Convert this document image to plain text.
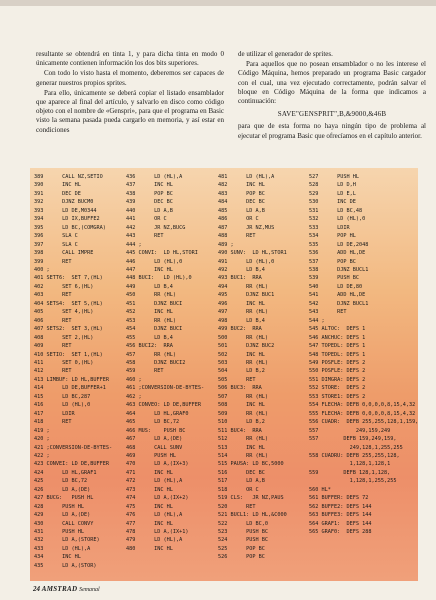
resultante se obtendrá en tinta 1, y para dicha tinta en modo 0 únicamente contienen información los dos bits superiores.

Con todo lo visto hasta el momento, deberemos ser capaces de generar nuestros propios sprites.

Para ello, únicamente se deberá copiar el listado ensamblador que aparece al final del artículo, y salvarlo en disco como código objeto con el nombre de «Genspri», para que el programa en Basic visto la semana pasada pueda cargarlo en memoria, y así estar en condiciones

de utilizar el generador de sprites.

Para aquellos que no posean ensamblador o no les interese el Código Máquina, hemos preparado un programa Basic cargador con el cual, una vez ejecutado correctamente, podrán salvar el bloque en Código Máquina de la forma que indicamos a continuación:

SAVE"GENSPRIT",B,&9000,&46B

para que de esta forma no haya ningún tipo de problema al ejecutar el programa Basic que ofrecíamos en el capítulo anterior.

389      CALL NZ,SETIO
390      INC HL
391      DEC DE
392      DJNZ BUCM0
393      LD DE,M0344
394      LD IX,BUFFE2
395      LD BC,(COMGRA)
396      SLA C
397      SLA C
398      CALL IMPRE
399      RET
400 ;
401 SETT6:  SET 7,(HL)
402      SET 6,(HL)
403      RET
404 SETS4:  SET 5,(HL)
405      SET 4,(HL)
406      RET
407 SETS2:  SET 3,(HL)
408      SET 2,(HL)
409      RET
410 SETIO:  SET 1,(HL)
411      SET 0,(HL)
412      RET
413 LIMBUF: LD HL,BUFFER
414      LD DE,BUFFER+1
415      LD BC,287
416      LD (HL),0
417      LDIR
418      RET
419 ;
420 ;
421 ;CONVERSION-DE-BYTES-
422 ;
423 CONVEI: LD DE,BUFFER
424      LD HL,GRAF1
425      LD BC,72
426      LD A,(DE)
427 BUCG:   PUSH HL
428      PUSH HL
429      LD A,(DE)
430      CALL CONVY
431      PUSH HL
432      LD A,(STORE)
433      LD (HL),A
434      INC HL
435      LD A,(STOR)
436      LD (HL),A
437      INC HL
438      POP BC
439      DEC BC
440      LD A,B
441      OR C
442      JR NZ,BUCG
443      RET
444 ;
445 CONVI:  LD HL,STORI
446      LD (HL),0
447      INC HL
448 BUCI:   LD (HL),0
449      LD B,4
450      RR (HL)
451      DJNZ BUCI
452      INC HL
453      RR (HL)
454      DJNZ BUCI
455      LD B,4
456 BUCI2:  RRA
457      RR (HL)
458      DJNZ BUCI2
459      RET
460 ;
461 ;CONVERSION-DE-BYTES-
462 ;
463 CONVEO: LD DE,BUFFER
464      LD HL,GRAF0
465      LD BC,72
466 MUS:    PUSH BC
467      LD A,(DE)
468      CALL SUNV
469      PUSH HL
470      LD A,(IX+3)
471      INC HL
472      LD (HL),A
473      INC HL
474      LD A,(IX+2)
475      INC HL
476      LD (HL),A
477      INC HL
478      LD A,(IX+1)
479      LD (HL),A
480      INC HL
481      LD (HL),A
482      INC HL
483      POP BC
484      DEC BC
485      LD A,B
486      OR C
487      JR NZ,MUS
488      RET
489 ;
490 SUNV:  LD HL,STOR1
491      LD (HL),0
492      LD B,4
493 BUC1:  RRA
494      RR (HL)
495      DJNZ BUC1
496      INC HL
497      RR (HL)
498      LD B,4
499 BUC2:  RRA
500      RR (HL)
501      DJNZ BUC2
502      INC HL
503      RR (HL)
504      LD B,2
505      RET
506 BUC3:  RRA
507      RR (HL)
508      INC HL
509      RR (HL)
510      LD B,2
511 BUC4:  RRA
512      RR (HL)
513      INC HL
514      RR (HL)
515 PAUSA: LD BC,5000
516      DEC BC
517      LD A,B
518      OR C
519 CLS:   JR NZ,PAUS
520      RET
521 BUCL1: LD HL,&C000
522      LD BC,0
523      PUSH BC
524      PUSH BC
525      POP BC
526      POP BC
527      PUSH HL
528      LD D,H
529      LD E,L
530      INC DE
531      LD BC,48
532      LD (HL),0
533      LDIR
534      POP HL
535      LD DE,2048
536      ADD HL,DE
537      POP BC
538      DJNZ BUCL1
539      PUSH BC
540      LD DE,80
541      ADD HL,DE
542      DJNZ BUCL1
543      RET
544 ;
545 ALTOC:  DEFS 1
546 ANCHUC: DEFS 1
547 TOPEDL: DEFS 1
548 TOPEDL: DEFS 1
549 POSFLE: DEFS 2
550 POSFLE: DEFS 2
551 DIMGRA: DEFS 2
552 STORE:  DEFS 2
553 STORE1: DEFS 2
554 FLECHA: DEFB 0,0,0,0,8,15,4,32
555 FLECHA: DEFB 0,0,0,0,8,15,4,32
556 CUADR:  DEFB 255,255,128,1,159,
557            249,159,249
557        DEFB 159,249,159,
249,128,1,255,255
558 CUADRU: DEFB 255,255,128,
1,128,1,128,1
559        DEFB 128,1,128,
1,128,1,255,255
560 HL*
561 BUFFER: DEFS 72
562 BUFFE2: DEFS 144
563 BUFFE3: DEFS 144
564 GRAF1:  DEFS 144
565 GRAF0:  DEFS 288
24 AMSTRAD Semanal
